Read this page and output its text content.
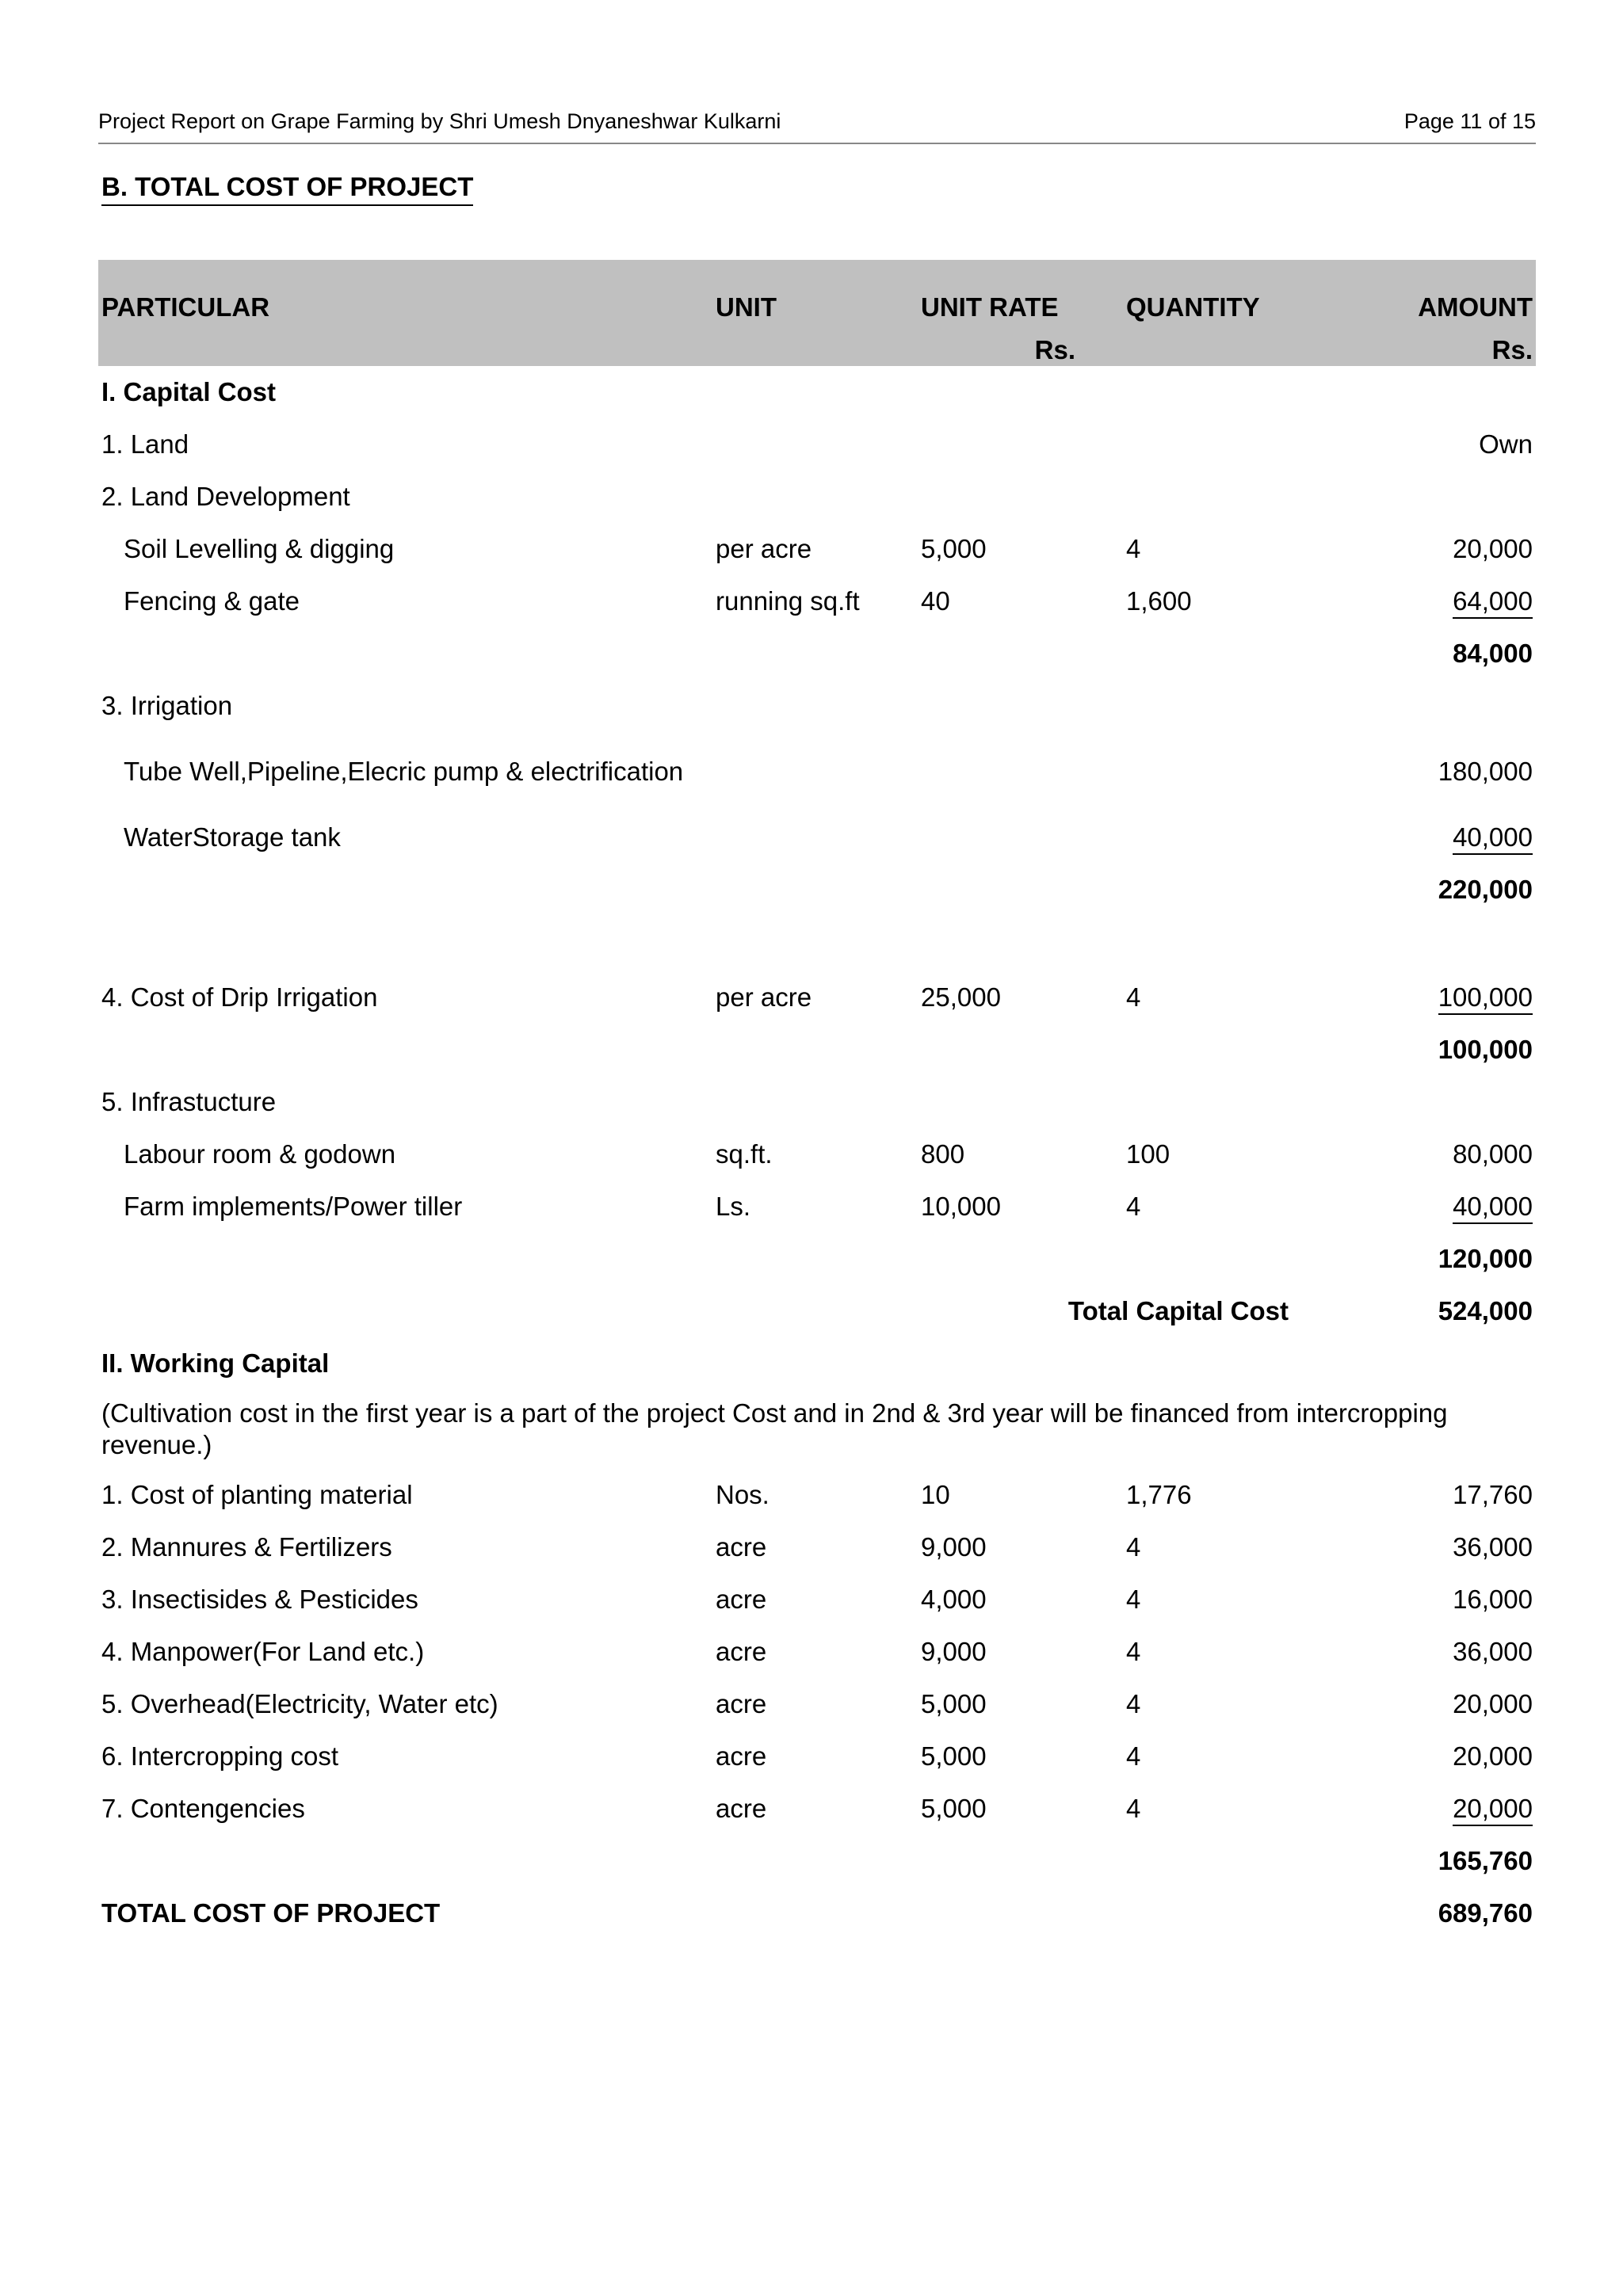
Project Report on Grape Farming by Shri Umesh Dnyaneshwar Kulkarni	Page 11 of 15
B. TOTAL COST OF PROJECT
PARTICULAR	UNIT	UNIT RATE	QUANTITY	AMOUNT
		Rs.		Rs.
I. Capital Cost				
1. Land				Own
2. Land Development				
Soil Levelling & digging	per acre	5,000	4	20,000
Fencing & gate	running sq.ft	40	1,600	64,000
				84,000
3. Irrigation				
Tube Well,Pipeline,Elecric pump & electrification				180,000
WaterStorage tank				40,000
				220,000

4. Cost of Drip Irrigation	per acre	25,000	4	100,000
				100,000
5. Infrastucture				
Labour room & godown	sq.ft.	800	100	80,000
Farm implements/Power tiller	Ls.	10,000	4	40,000
				120,000
		Total Capital Cost		524,000
II. Working Capital				
(Cultivation cost in the first year is a part of the project Cost and in 2nd & 3rd year will be financed from intercropping revenue.)				
1. Cost of planting material	Nos.	10	1,776	17,760
2. Mannures & Fertilizers	acre	9,000	4	36,000
3. Insectisides & Pesticides	acre	4,000	4	16,000
4. Manpower(For Land etc.)	acre	9,000	4	36,000
5. Overhead(Electricity, Water etc)	acre	5,000	4	20,000
6. Intercropping cost	acre	5,000	4	20,000
7. Contengencies	acre	5,000	4	20,000
				165,760
TOTAL COST OF PROJECT				689,760
